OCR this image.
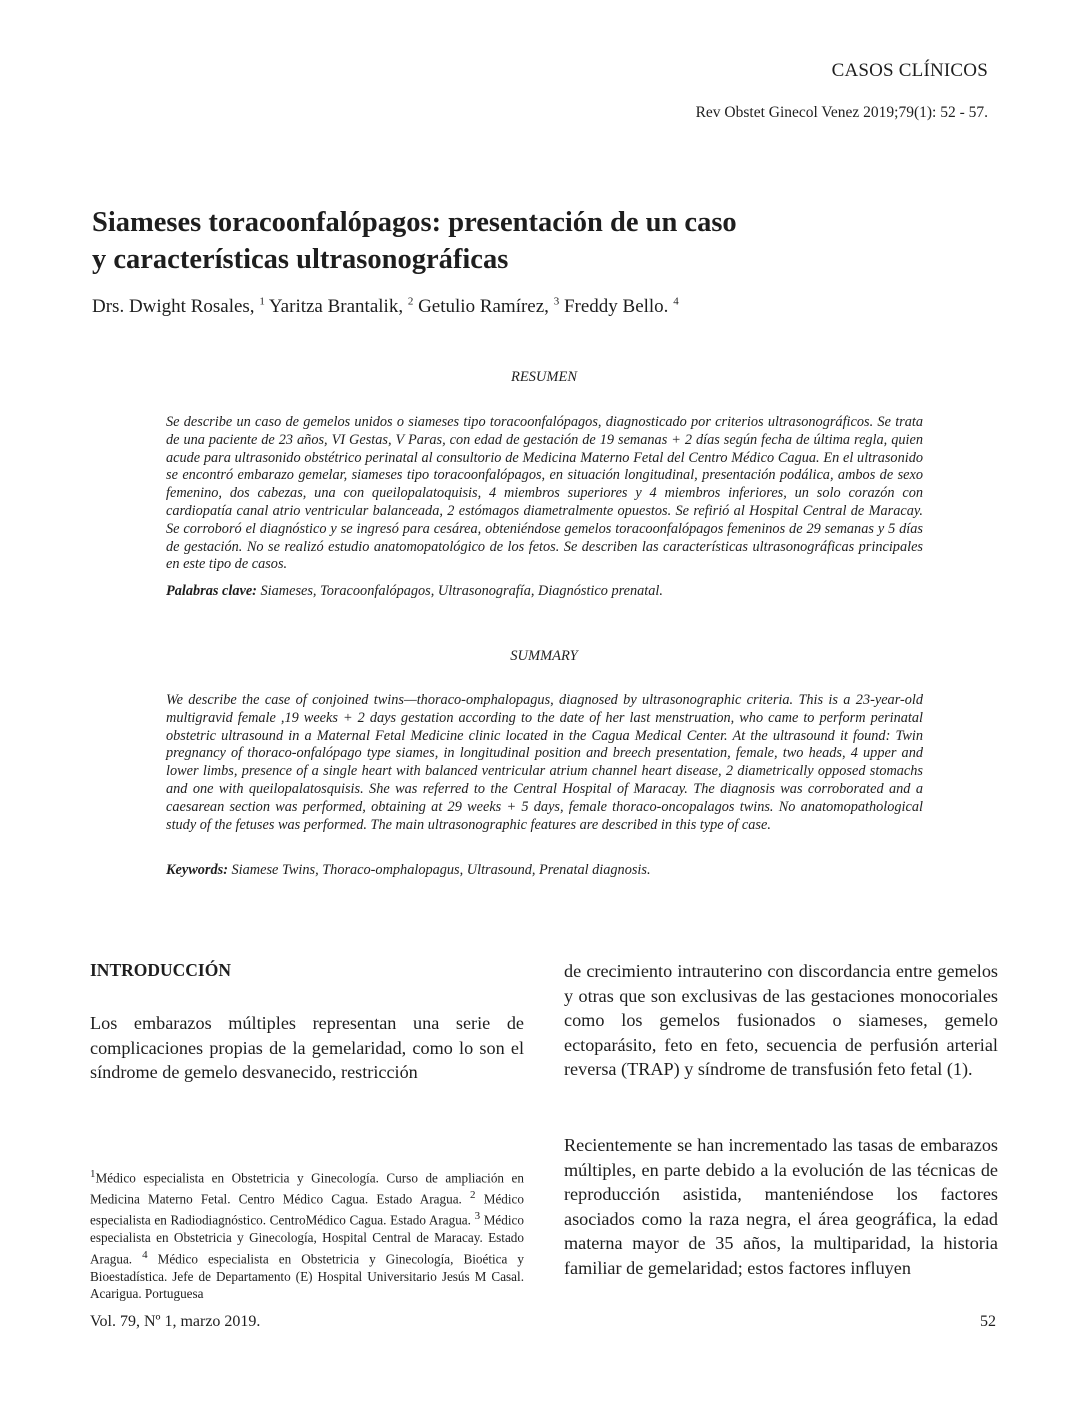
CASOS CLÍNICOS
Rev Obstet Ginecol Venez 2019;79(1): 52 - 57.
Siameses toracoonfalópagos: presentación de un caso
y características ultrasonográficas
Drs. Dwight Rosales, $^1$ Yaritza Brantalik, $^2$ Getulio Ramírez, $^3$ Freddy Bello. $^4$
RESUMEN

Se describe un caso de gemelos unidos o siameses tipo toracoonfalópagos, diagnosticado por criterios ultrasonográficos. Se trata de una paciente de 23 años, VI Gestas, V Paras, con edad de gestación de 19 semanas + 2 días según fecha de última regla, quien acude para ultrasonido obstétrico perinatal al consultorio de Medicina Materno Fetal del Centro Médico Cagua. En el ultrasonido se encontró embarazo gemelar, siameses tipo toracoonfalópagos, en situación longitudinal, presentación podálica, ambos de sexo femenino, dos cabezas, una con queilopalatoquisis, 4 miembros superiores y 4 miembros inferiores, un solo corazón con cardiopatía canal atrio ventricular balanceada, 2 estómagos diametralmente opuestos. Se refirió al Hospital Central de Maracay. Se corroboró el diagnóstico y se ingresó para cesárea, obteniéndose gemelos toracoonfalópagos femeninos de 29 semanas y 5 días de gestación. No se realizó estudio anatomopatológico de los fetos. Se describen las características ultrasonográficas principales en este tipo de casos.

Palabras clave: Siameses, Toracoonfalópagos, Ultrasonografía, Diagnóstico prenatal.
SUMMARY

We describe the case of conjoined twins—thoraco-omphalopagus, diagnosed by ultrasonographic criteria. This is a 23-year-old multigravid female ,19 weeks + 2 days gestation according to the date of her last menstruation, who came to perform perinatal obstetric ultrasound in a Maternal Fetal Medicine clinic located in the Cagua Medical Center. At the ultrasound it found: Twin pregnancy of thoraco-onfalópago type siames, in longitudinal position and breech presentation, female, two heads, 4 upper and lower limbs, presence of a single heart with balanced ventricular atrium channel heart disease, 2 diametrically opposed stomachs and one with queilopalatosquisis. She was referred to the Central Hospital of Maracay. The diagnosis was corroborated and a caesarean section was performed, obtaining at 29 weeks + 5 days, female thoraco-oncopalagos twins. No anatomopathological study of the fetuses was performed. The main ultrasonographic features are described in this type of case.

Keywords: Siamese Twins, Thoraco-omphalopagus, Ultrasound, Prenatal diagnosis.
INTRODUCCIÓN

Los embarazos múltiples representan una serie de complicaciones propias de la gemelaridad, como lo son el síndrome de gemelo desvanecido, restricción

de crecimiento intrauterino con discordancia entre gemelos y otras que son exclusivas de las gestaciones monocoriales como los gemelos fusionados o siameses, gemelo ectoparásito, feto en feto, secuencia de perfusión arterial reversa (TRAP) y síndrome de transfusión feto fetal (1).

Recientemente se han incrementado las tasas de embarazos múltiples, en parte debido a la evolución de las técnicas de reproducción asistida, manteniéndose los factores asociados como la raza negra, el área geográfica, la edad materna mayor de 35 años, la multiparidad, la historia familiar de gemelaridad; estos factores influyen

$^1$Médico especialista en Obstetricia y Ginecología. Curso de ampliación en Medicina Materno Fetal. Centro Médico Cagua. Estado Aragua. $^2$ Médico especialista en Radiodiagnóstico. CentroMédico Cagua. Estado Aragua. $^3$ Médico especialista en Obstetricia y Ginecología, Hospital Central de Maracay. Estado Aragua. $^4$ Médico especialista en Obstetricia y Ginecología, Bioética y Bioestadística. Jefe de Departamento (E) Hospital Universitario Jesús M Casal. Acarigua. Portuguesa

Vol. 79, Nº 1, marzo 2019.	52
